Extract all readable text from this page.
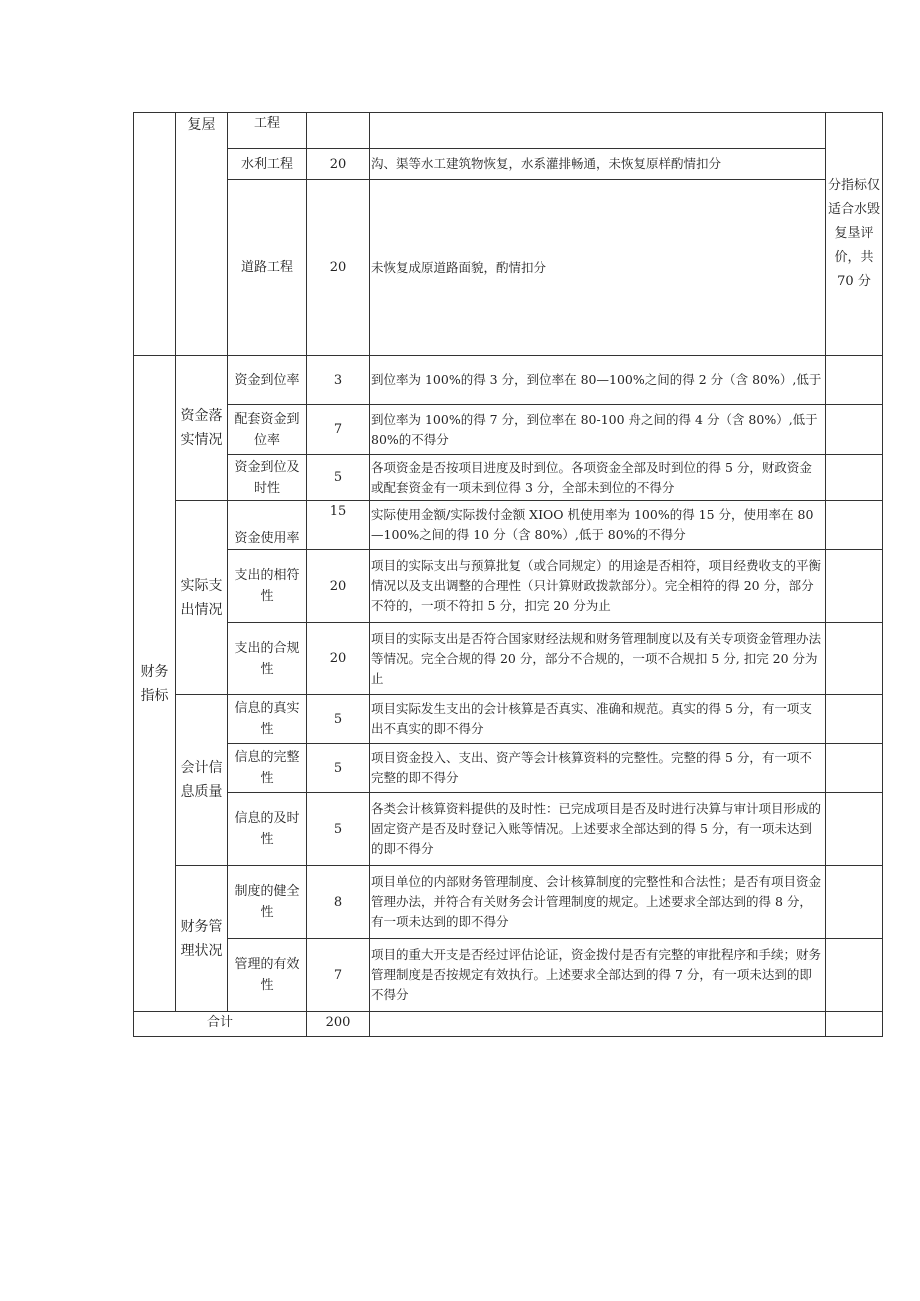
	复屋	工程			分指标仅适合水毁复垦评价，共 70 分
		水利工程	20	沟、渠等水工建筑物恢复，水系灌排畅通，未恢复原样酌情扣分	
		道路工程	20	未恢复成原道路面貌，酌情扣分	
财务指标	资金落实情况	资金到位率	3	到位率为 100%的得 3 分，到位率在 80—100%之间的得 2 分（含 80%）,低于	
		配套资金到位率	7	到位率为 100%的得 7 分，到位率在 80-100 舟之间的得 4 分（含 80%）,低于 80%的不得分	
		资金到位及时性	5	各项资金是否按项目进度及时到位。各项资金全部及时到位的得 5 分，财政资金或配套资金有一项未到位得 3 分，全部未到位的不得分	
	实际支出情况	资金使用率	15	实际使用金额/实际拨付金额 XIOO 机使用率为 100%的得 15 分，使用率在 80—100%之间的得 10 分（含 80%）,低于 80%的不得分	
		支出的相符性	20	项目的实际支出与预算批复（或合同规定）的用途是否相符，项目经费收支的平衡情况以及支出调整的合理性（只计算财政拨款部分）。完全相符的得 20 分，部分不符的，一项不符扣 5 分，扣完 20 分为止	
		支出的合规性	20	项目的实际支出是否符合国家财经法规和财务管理制度以及有关专项资金管理办法等情况。完全合规的得 20 分，部分不合规的，一项不合规扣 5 分, 扣完 20 分为止	
	会计信息质量	信息的真实性	5	项目实际发生支出的会计核算是否真实、准确和规范。真实的得 5 分，有一项支出不真实的即不得分	
		信息的完整性	5	项目资金投入、支出、资产等会计核算资料的完整性。完整的得 5 分，有一项不完整的即不得分	
		信息的及时性	5	各类会计核算资料提供的及时性：已完成项目是否及时进行决算与审计项目形成的固定资产是否及时登记入账等情况。上述要求全部达到的得 5 分，有一项未达到的即不得分	
	财务管理状况	制度的健全性	8	项目单位的内部财务管理制度、会计核算制度的完整性和合法性；是否有项目资金管理办法，并符合有关财务会计管理制度的规定。上述要求全部达到的得 8 分，有一项未达到的即不得分	
		管理的有效性	7	项目的重大开支是否经过评估论证，资金拨付是否有完整的审批程序和手续；财务管理制度是否按规定有效执行。上述要求全部达到的得 7 分，有一项未达到的即不得分	
合计			200		
